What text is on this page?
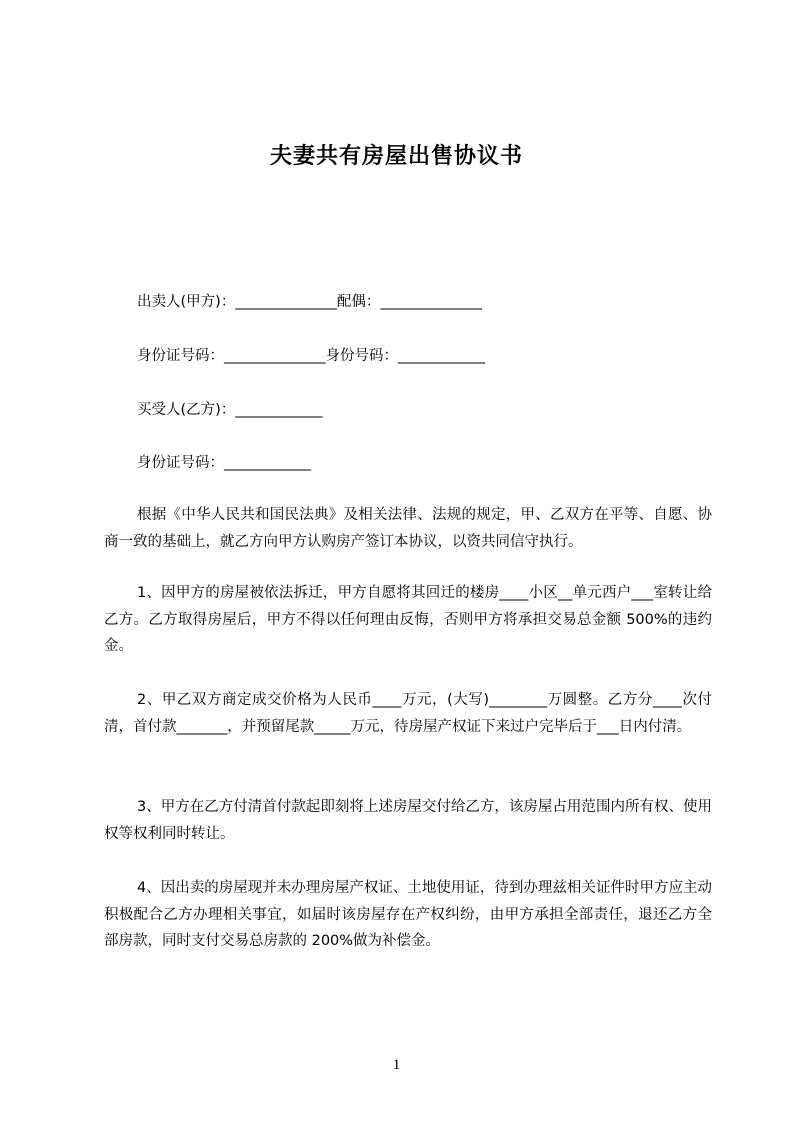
夫妻共有房屋出售协议书
出卖人(甲方)：______________配偶：______________
身份证号码：______________身份号码：____________
买受人(乙方)：____________
身份证号码：____________

根据《中华人民共和国民法典》及相关法律、法规的规定，甲、乙双方在平等、自愿、协商一致的基础上，就乙方向甲方认购房产签订本协议，以资共同信守执行。

1、因甲方的房屋被依法拆迁，甲方自愿将其回迁的楼房____小区__单元西户___室转让给乙方。乙方取得房屋后，甲方不得以任何理由反悔，否则甲方将承担交易总金额 500%的违约金。

2、甲乙双方商定成交价格为人民币____万元，(大写)________万圆整。乙方分____次付清，首付款_______，并预留尾款_____万元，待房屋产权证下来过户完毕后于___日内付清。

3、甲方在乙方付清首付款起即刻将上述房屋交付给乙方，该房屋占用范围内所有权、使用权等权利同时转让。

4、因出卖的房屋现并未办理房屋产权证、土地使用证，待到办理兹相关证件时甲方应主动积极配合乙方办理相关事宜，如届时该房屋存在产权纠纷，由甲方承担全部责任，退还乙方全部房款，同时支付交易总房款的 200%做为补偿金。

1
